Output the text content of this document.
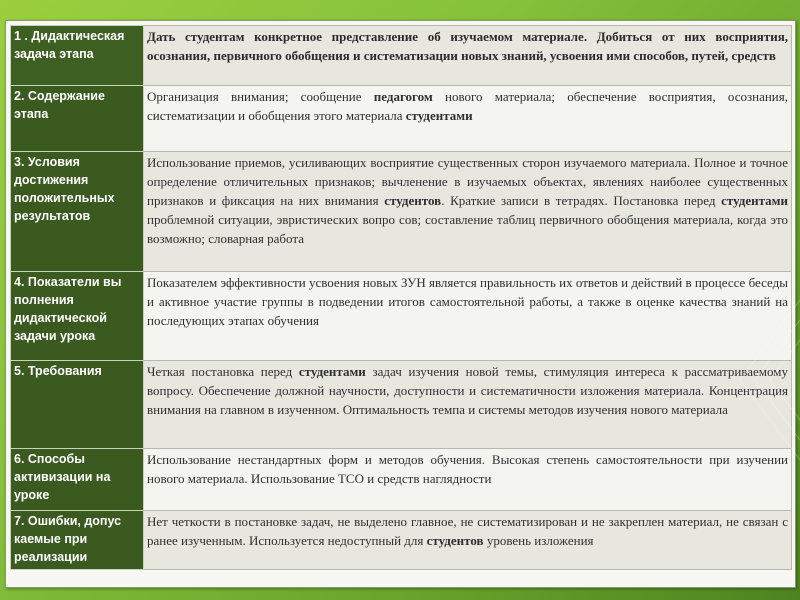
1 . Дидактическая задача этапа	Дать студентам конкретное представление об изучаемом материале. Добиться от них восприятия, осознания, первичного обобщения и систематизации новых знаний, усвоения ими способов, путей, средств
2. Содержание этапа	Организация внимания; сообщение педагогом нового материала; обеспечение восприятия, осознания, систематизации и обобщения этого материала студентами
3. Условия достижения положительных результатов	Использование приемов, усиливающих восприятие существенных сторон изучаемого материала. Полное и точное определение отличительных признаков; вычленение в изучаемых объектах, явлениях наиболее существенных признаков и фиксация на них внимания студентов. Краткие записи в тетрадях. Постановка перед студентами проблемной ситуации, эвристических вопро сов; составление таблиц первичного обобщения материала, когда это возможно; словарная работа
4. Показатели вы полнения дидактической задачи урока	Показателем эффективности усвоения новых ЗУН является правильность их ответов и действий в процессе беседы и активное участие группы в подведении итогов самостоятельной работы, а также в оценке качества знаний на последующих этапах обучения
5. Требования	Четкая постановка перед студентами задач изучения новой темы, стимуляция интереса к рассматриваемому вопросу. Обеспечение должной научности, доступности и систематичности изложения материала. Концентрация внимания на главном в изученном. Оптимальность темпа и системы методов изучения нового материала
6. Способы активизации на уроке	Использование нестандартных форм и методов обучения. Высокая степень самостоятельности при изучении нового материала. Использование ТСО и средств наглядности
7. Ошибки, допус каемые при реализации	Нет четкости в постановке задач, не выделено главное, не систематизирован и не закреплен материал, не связан с ранее изученным. Используется недоступный для студентов уровень изложения
